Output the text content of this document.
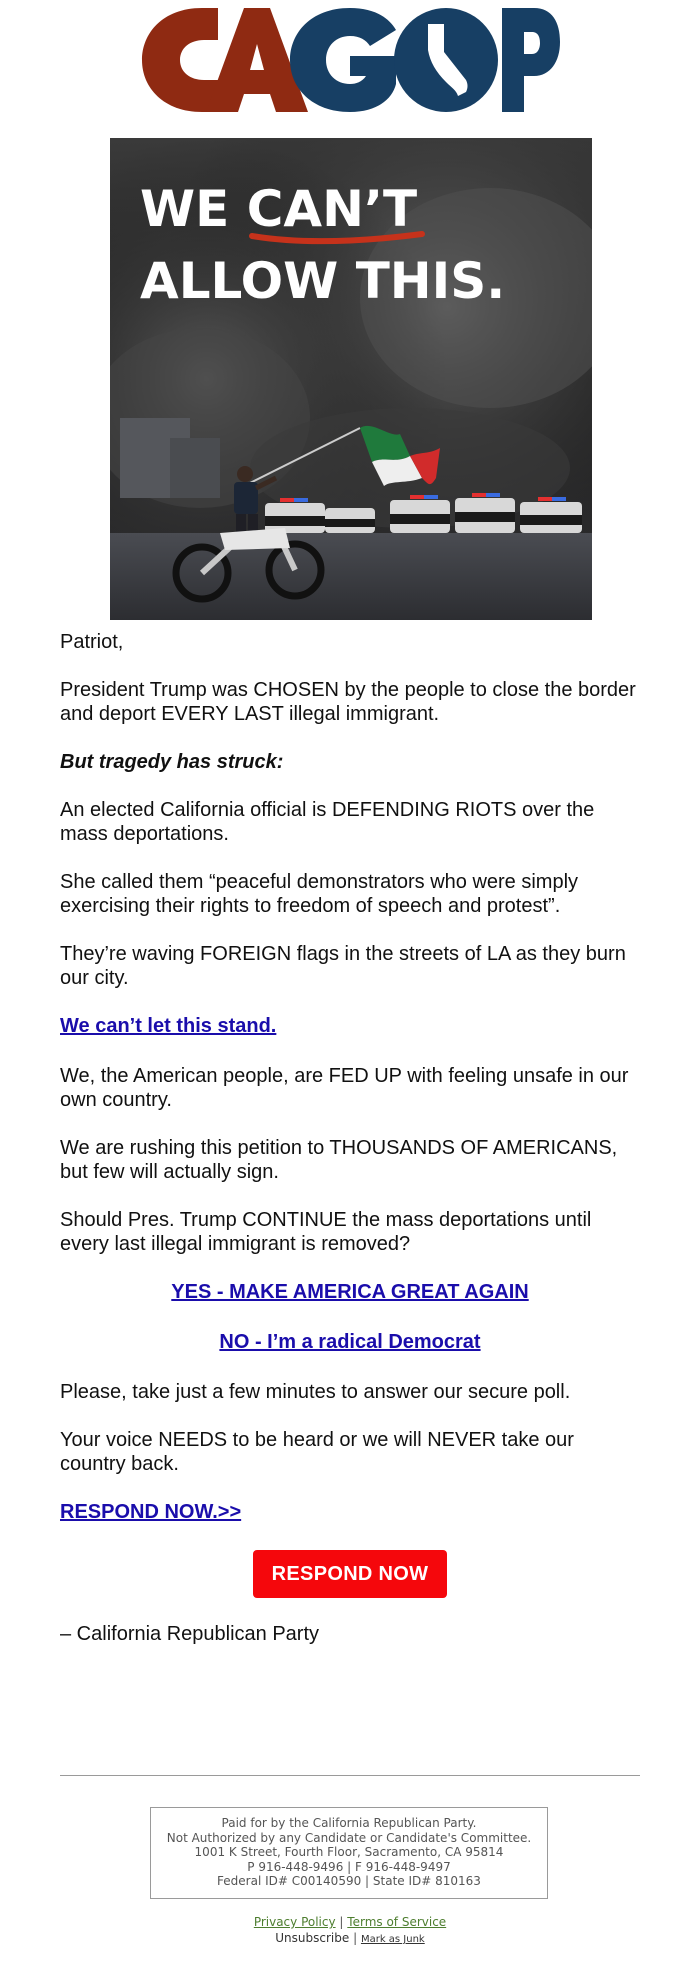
WE CAN’T
ALLOW THIS.

Patriot,

President Trump was CHOSEN by the people to close the border and deport EVERY LAST illegal immigrant.

But tragedy has struck:

An elected California official is DEFENDING RIOTS over the mass deportations.

She called them “peaceful demonstrators who were simply exercising their rights to freedom of speech and protest”.

They’re waving FOREIGN flags in the streets of LA as they burn our city.

We can’t let this stand.

We, the American people, are FED UP with feeling unsafe in our own country.

We are rushing this petition to THOUSANDS OF AMERICANS, but few will actually sign.

Should Pres. Trump CONTINUE the mass deportations until every last illegal immigrant is removed?

YES - MAKE AMERICA GREAT AGAIN
NO - I’m a radical Democrat

Please, take just a few minutes to answer our secure poll.

Your voice NEEDS to be heard or we will NEVER take our country back.

RESPOND NOW.>>
RESPOND NOW

– California Republican Party

Paid for by the California Republican Party.
Not Authorized by any Candidate or Candidate's Committee.
1001 K Street, Fourth Floor, Sacramento, CA 95814
P 916-448-9496 | F 916-448-9497
Federal ID# C00140590 | State ID# 810163
Privacy Policy | Terms of Service
Unsubscribe | Mark as Junk
